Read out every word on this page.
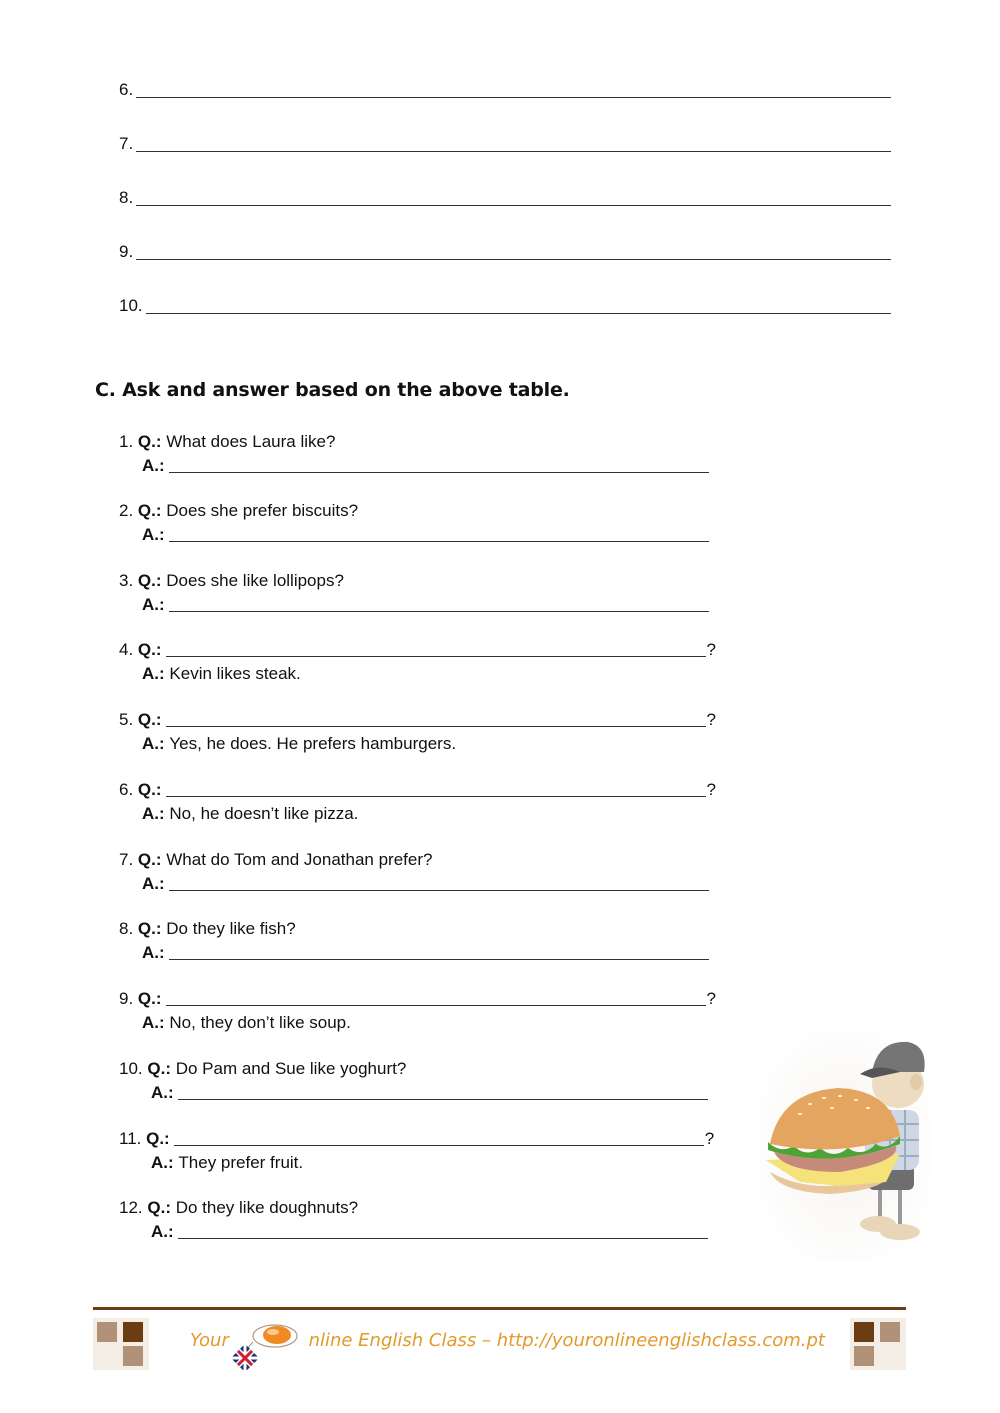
6.
7.
8.
9.
10.
C. Ask and answer based on the above table.
1.
Q.:
What does Laura like?
A.:
2.
Q.:
Does she prefer biscuits?
A.:
3.
Q.:
Does she like lollipops?
A.:
4.
Q.:	?
A.:
Kevin likes steak.
5.
Q.:	?
A.:
Yes, he does. He prefers hamburgers.
6.
Q.:	?
A.:
No, he doesn’t like pizza.
7.
Q.:
What do Tom and Jonathan prefer?
A.:
8.
Q.:
Do they like fish?
A.:
9.
Q.:	?
A.:
No, they don’t like soup.
10.
Q.:
Do Pam and Sue like yoghurt?
A.:
11.
Q.:	?
A.:
They prefer fruit.
12.
Q.:
Do they like doughnuts?
A.:
Your

	nline English Class – http://youronlineenglishclass.com.pt
